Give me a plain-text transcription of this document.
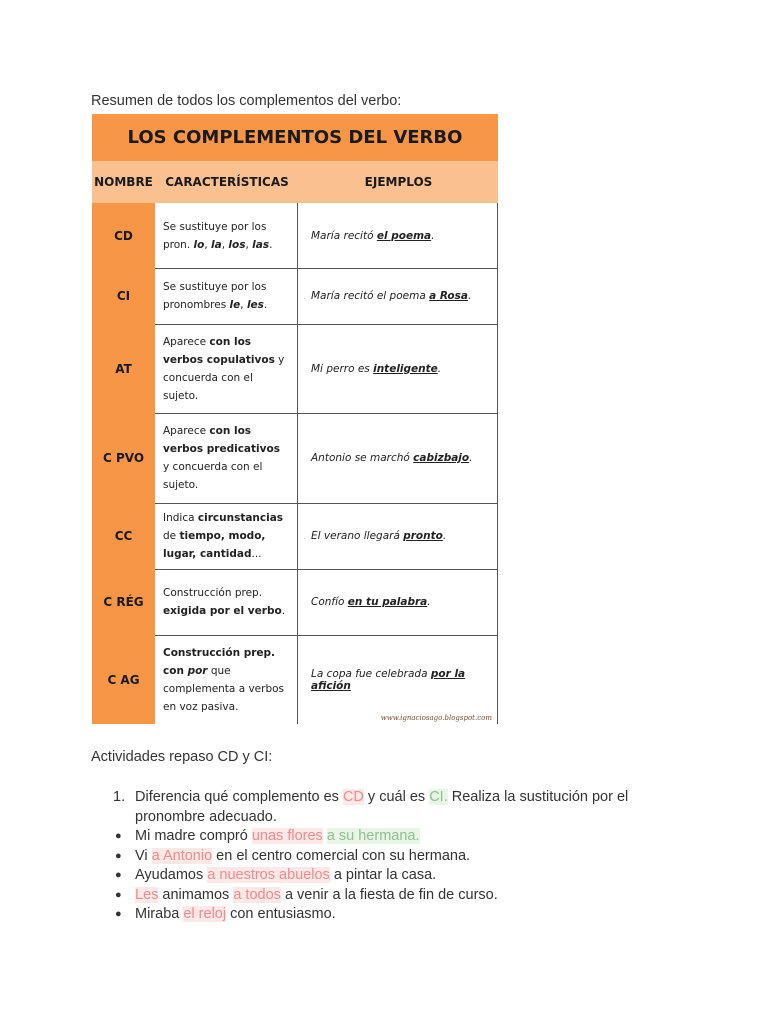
Resumen de todos los complementos del verbo:
LOS COMPLEMENTOS DEL VERBO
NOMBRE	CARACTERÍSTICAS	EJEMPLOS
CD
Se sustituye por los pron. lo, la, los, las.
María recitó el poema.
CI
Se sustituye por los pronombres le, les.
María recitó el poema a Rosa.
AT
Aparece con los verbos copulativos y concuerda con el sujeto.
Mi perro es inteligente.
C PVO
Aparece con los verbos predicativos y concuerda con el sujeto.
Antonio se marchó cabizbajo.
CC
Indica circunstancias de tiempo, modo, lugar, cantidad...
El verano llegará pronto.
C RÉG
Construcción prep. exigida por el verbo.
Confío en tu palabra.
C AG
Construcción prep. con por que complementa a verbos en voz pasiva.
La copa fue celebrada por la afición
www.ignaciosago.blogspot.com
Actividades repaso CD y CI:
1. Diferencia qué complemento es CD y cuál es CI. Realiza la sustitución por el pronombre adecuado.
● Mi madre compró unas flores a su hermana.
● Vi a Antonio en el centro comercial con su hermana.
● Ayudamos a nuestros abuelos a pintar la casa.
● Les animamos a todos a venir a la fiesta de fin de curso.
● Miraba el reloj con entusiasmo.
